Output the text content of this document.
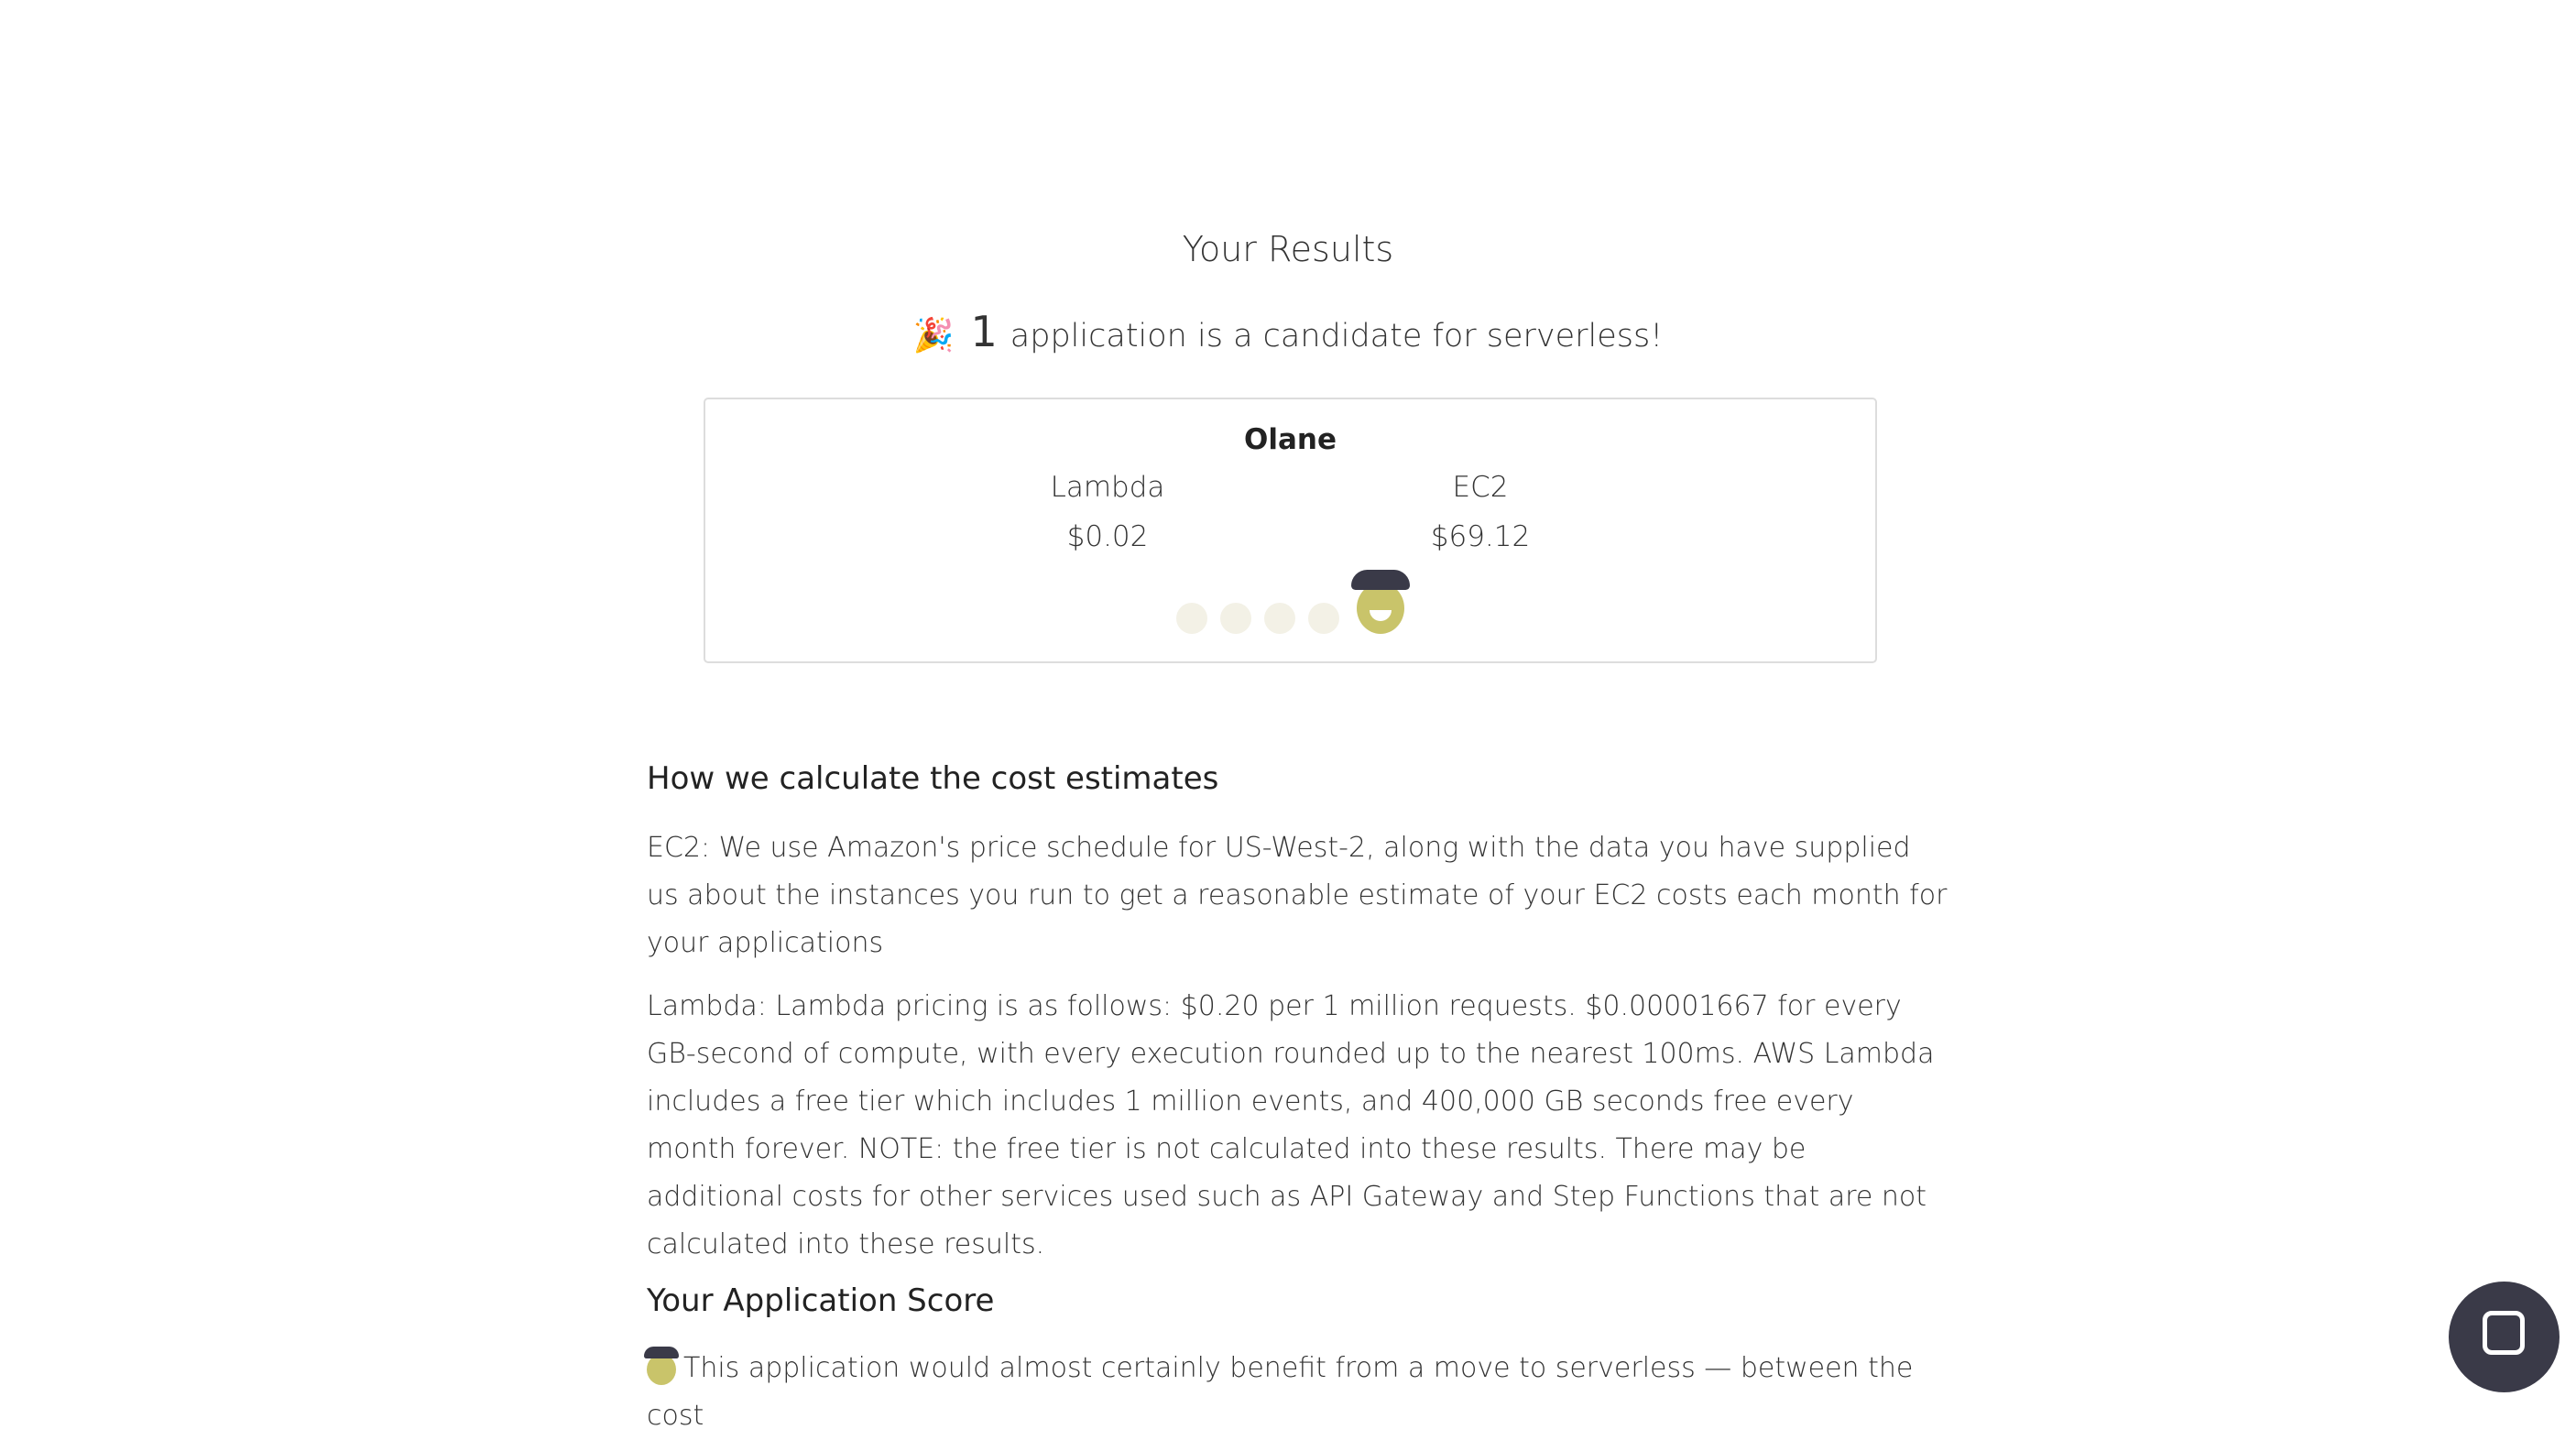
Your Results
🎉 1 application is a candidate for serverless!
Olane
Lambda
$0.02
EC2
$69.12
How we calculate the cost estimates
EC2: We use Amazon's price schedule for US-West-2, along with the data you have supplied us about the instances you run to get a reasonable estimate of your EC2 costs each month for your applications
Lambda: Lambda pricing is as follows: $0.20 per 1 million requests. $0.00001667 for every GB-second of compute, with every execution rounded up to the nearest 100ms. AWS Lambda includes a free tier which includes 1 million events, and 400,000 GB seconds free every month forever. NOTE: the free tier is not calculated into these results. There may be additional costs for other services used such as API Gateway and Step Functions that are not calculated into these results.
Your Application Score
This application would almost certainly benefit from a move to serverless — between the cost
